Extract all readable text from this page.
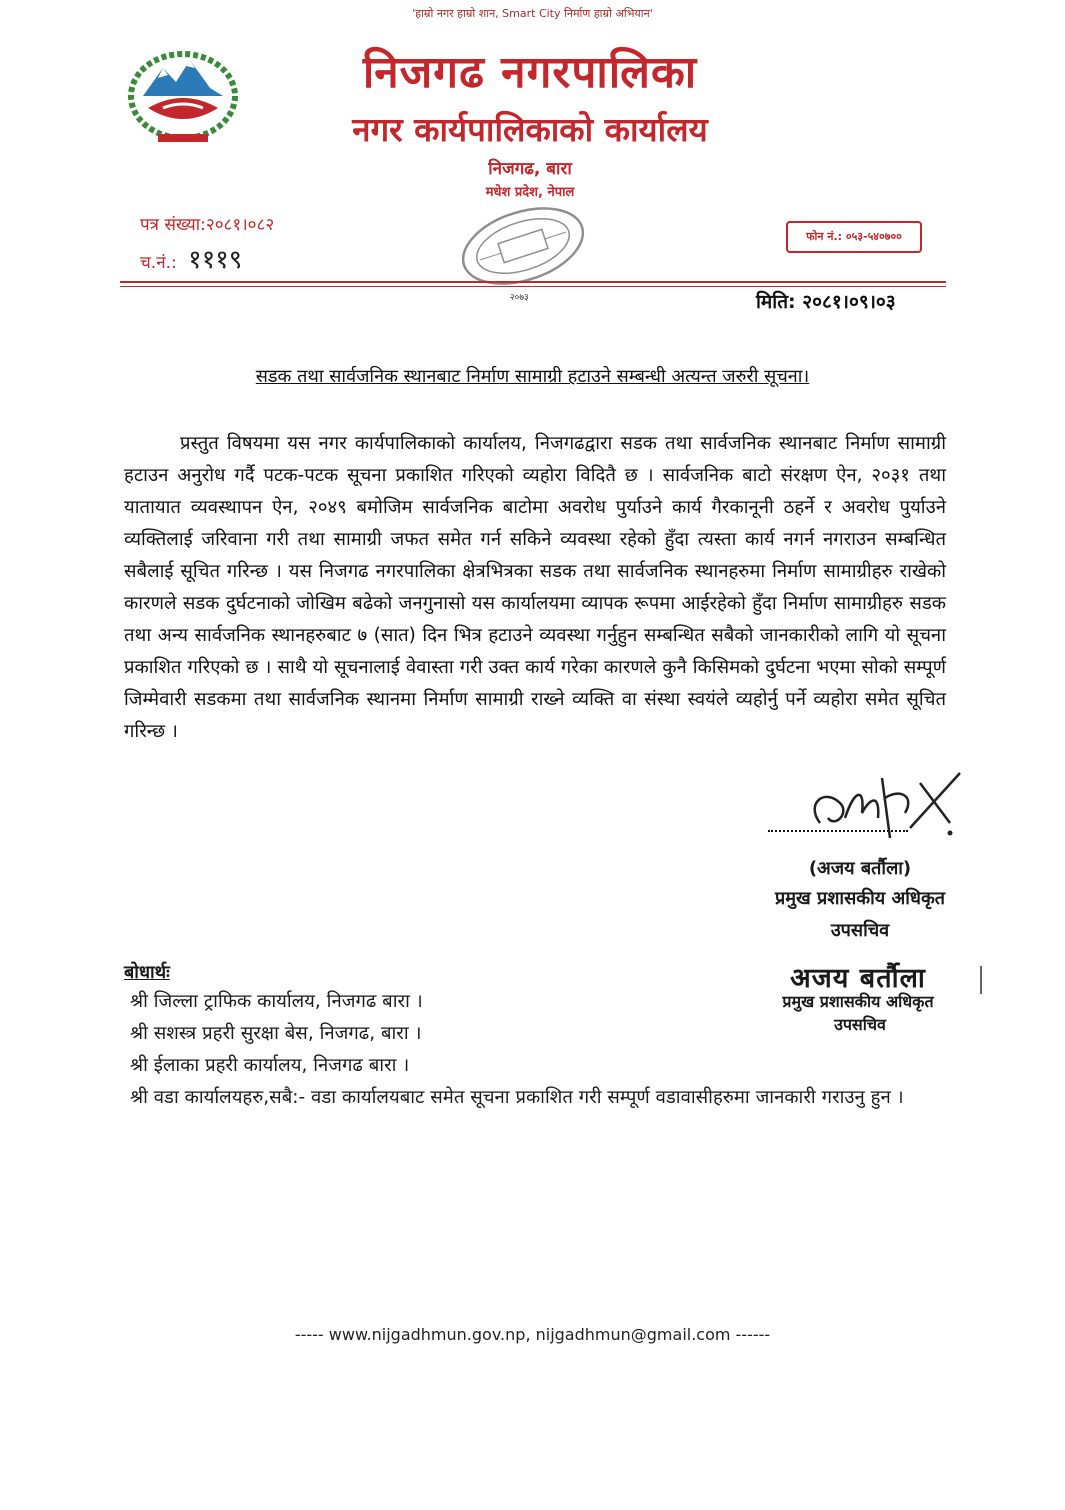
'हाम्रो नगर हाम्रो शान, Smart City निर्माण हाम्रो अभियान'
निजगढ नगरपालिका
नगर कार्यपालिकाको कार्यालय
निजगढ, बारा
मधेश प्रदेश, नेपाल
पत्र संख्या:२०८१।०८२
च.नं.: १११९
फोन नं.: ०५३-५४०७००
२०७३	मिति: २०८१।०९।०३
सडक तथा सार्वजनिक स्थानबाट निर्माण सामाग्री हटाउने सम्बन्धी अत्यन्त जरुरी सूचना।
प्रस्तुत विषयमा यस नगर कार्यपालिकाको कार्यालय, निजगढद्वारा सडक तथा सार्वजनिक स्थानबाट निर्माण सामाग्री हटाउन अनुरोध गर्दै पटक-पटक सूचना प्रकाशित गरिएको व्यहोरा विदितै छ । सार्वजनिक बाटो संरक्षण ऐन, २०३१ तथा यातायात व्यवस्थापन ऐन, २०४९ बमोजिम सार्वजनिक बाटोमा अवरोध पुर्याउने कार्य गैरकानूनी ठहर्ने र अवरोध पुर्याउने व्यक्तिलाई जरिवाना गरी तथा सामाग्री जफत समेत गर्न सकिने व्यवस्था रहेको हुँदा त्यस्ता कार्य नगर्न नगराउन सम्बन्धित सबैलाई सूचित गरिन्छ । यस निजगढ नगरपालिका क्षेत्रभित्रका सडक तथा सार्वजनिक स्थानहरुमा निर्माण सामाग्रीहरु राखेको कारणले सडक दुर्घटनाको जोखिम बढेको जनगुनासो यस कार्यालयमा व्यापक रूपमा आईरहेको हुँदा निर्माण सामाग्रीहरु सडक तथा अन्य सार्वजनिक स्थानहरुबाट ७ (सात) दिन भित्र हटाउने व्यवस्था गर्नुहुन सम्बन्धित सबैको जानकारीको लागि यो सूचना प्रकाशित गरिएको छ । साथै यो सूचनालाई वेवास्ता गरी उक्त कार्य गरेका कारणले कुनै किसिमको दुर्घटना भएमा सोको सम्पूर्ण जिम्मेवारी सडकमा तथा सार्वजनिक स्थानमा निर्माण सामाग्री राख्ने व्यक्ति वा संस्था स्वयंले व्यहोर्नु पर्ने व्यहोरा समेत सूचित गरिन्छ ।
(अजय बर्तौला)
प्रमुख प्रशासकीय अधिकृत
उपसचिव
अजय बर्तौला
प्रमुख प्रशासकीय अधिकृत
उपसचिव
बोधार्थः

श्री जिल्ला ट्राफिक कार्यालय, निजगढ बारा ।

श्री सशस्त्र प्रहरी सुरक्षा बेस, निजगढ, बारा ।

श्री ईलाका प्रहरी कार्यालय, निजगढ बारा ।

श्री वडा कार्यालयहरु,सबै:- वडा कार्यालयबाट समेत सूचना प्रकाशित गरी सम्पूर्ण वडावासीहरुमा जानकारी गराउनु हुन ।

----- www.nijgadhmun.gov.np, nijgadhmun@gmail.com ------
